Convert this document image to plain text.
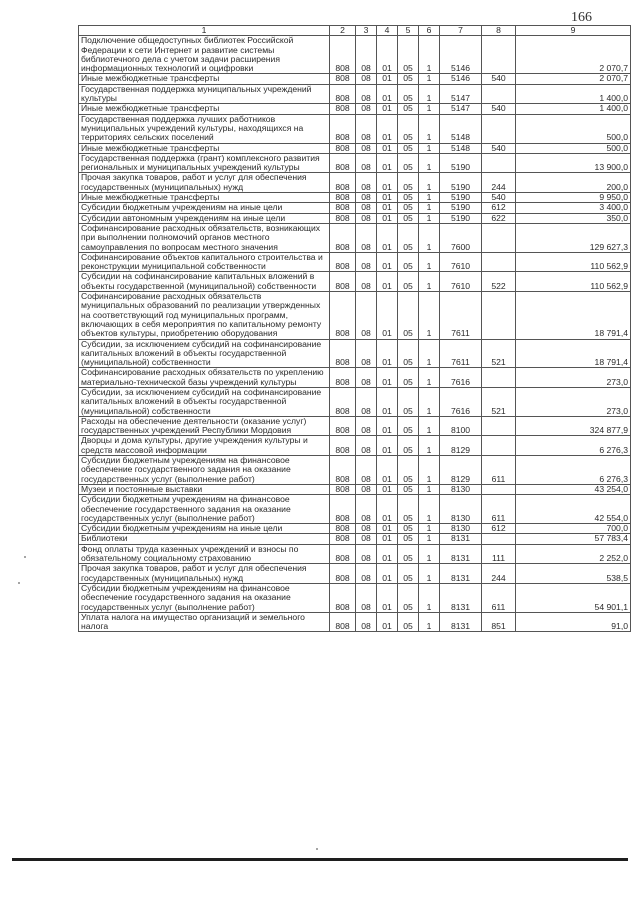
166
1	2	3	4	5	6	7	8	9
Подключение общедоступных библиотек Российской Федерации к сети Интернет и развитие системы библиотечного дела с учетом задачи расширения информационных технологий и оцифровки	808	08	01	05	1	5146		2 070,7
Иные межбюджетные трансферты	808	08	01	05	1	5146	540	2 070,7
Государственная поддержка муниципальных учреждений культуры	808	08	01	05	1	5147		1 400,0
Иные межбюджетные трансферты	808	08	01	05	1	5147	540	1 400,0
Государственная поддержка лучших работников муниципальных учреждений культуры, находящихся на территориях сельских поселений	808	08	01	05	1	5148		500,0
Иные межбюджетные трансферты	808	08	01	05	1	5148	540	500,0
Государственная поддержка (грант) комплексного развития региональных и муниципальных учреждений культуры	808	08	01	05	1	5190		13 900,0
Прочая закупка товаров, работ и услуг для обеспечения государственных (муниципальных) нужд	808	08	01	05	1	5190	244	200,0
Иные межбюджетные трансферты	808	08	01	05	1	5190	540	9 950,0
Субсидии бюджетным учреждениям на иные цели	808	08	01	05	1	5190	612	3 400,0
Субсидии автономным учреждениям на иные цели	808	08	01	05	1	5190	622	350,0
Софинансирование расходных обязательств, возникающих при выполнении полномочий органов местного самоуправления по вопросам местного значения	808	08	01	05	1	7600		129 627,3
Софинансирование объектов капитального строительства и реконструкции муниципальной собственности	808	08	01	05	1	7610		110 562,9
Субсидии на софинансирование капитальных вложений в объекты государственной (муниципальной) собственности	808	08	01	05	1	7610	522	110 562,9
Софинансирование расходных обязательств муниципальных образований по реализации утвержденных на соответствующий год муниципальных программ, включающих в себя мероприятия по капитальному ремонту объектов культуры, приобретению оборудования	808	08	01	05	1	7611		18 791,4
Субсидии, за исключением субсидий на софинансирование капитальных вложений в объекты государственной (муниципальной) собственности	808	08	01	05	1	7611	521	18 791,4
Софинансирование расходных обязательств по укреплению материально-технической базы учреждений культуры	808	08	01	05	1	7616		273,0
Субсидии, за исключением субсидий на софинансирование капитальных вложений в объекты государственной (муниципальной) собственности	808	08	01	05	1	7616	521	273,0
Расходы на обеспечение деятельности (оказание услуг) государственных учреждений Республики Мордовия	808	08	01	05	1	8100		324 877,9
Дворцы и дома культуры, другие учреждения культуры и средств массовой информации	808	08	01	05	1	8129		6 276,3
Субсидии бюджетным учреждениям на финансовое обеспечение государственного задания на оказание государственных услуг (выполнение работ)	808	08	01	05	1	8129	611	6 276,3
Музеи и постоянные выставки	808	08	01	05	1	8130		43 254,0
Субсидии бюджетным учреждениям на финансовое обеспечение государственного задания на оказание государственных услуг (выполнение работ)	808	08	01	05	1	8130	611	42 554,0
Субсидии бюджетным учреждениям на иные цели	808	08	01	05	1	8130	612	700,0
Библиотеки	808	08	01	05	1	8131		57 783,4
Фонд оплаты труда казенных учреждений и взносы по обязательному социальному страхованию	808	08	01	05	1	8131	111	2 252,0
Прочая закупка товаров, работ и услуг для обеспечения государственных (муниципальных) нужд	808	08	01	05	1	8131	244	538,5
Субсидии бюджетным учреждениям на финансовое обеспечение государственного задания на оказание государственных услуг (выполнение работ)	808	08	01	05	1	8131	611	54 901,1
Уплата налога на имущество организаций и земельного налога	808	08	01	05	1	8131	851	91,0
